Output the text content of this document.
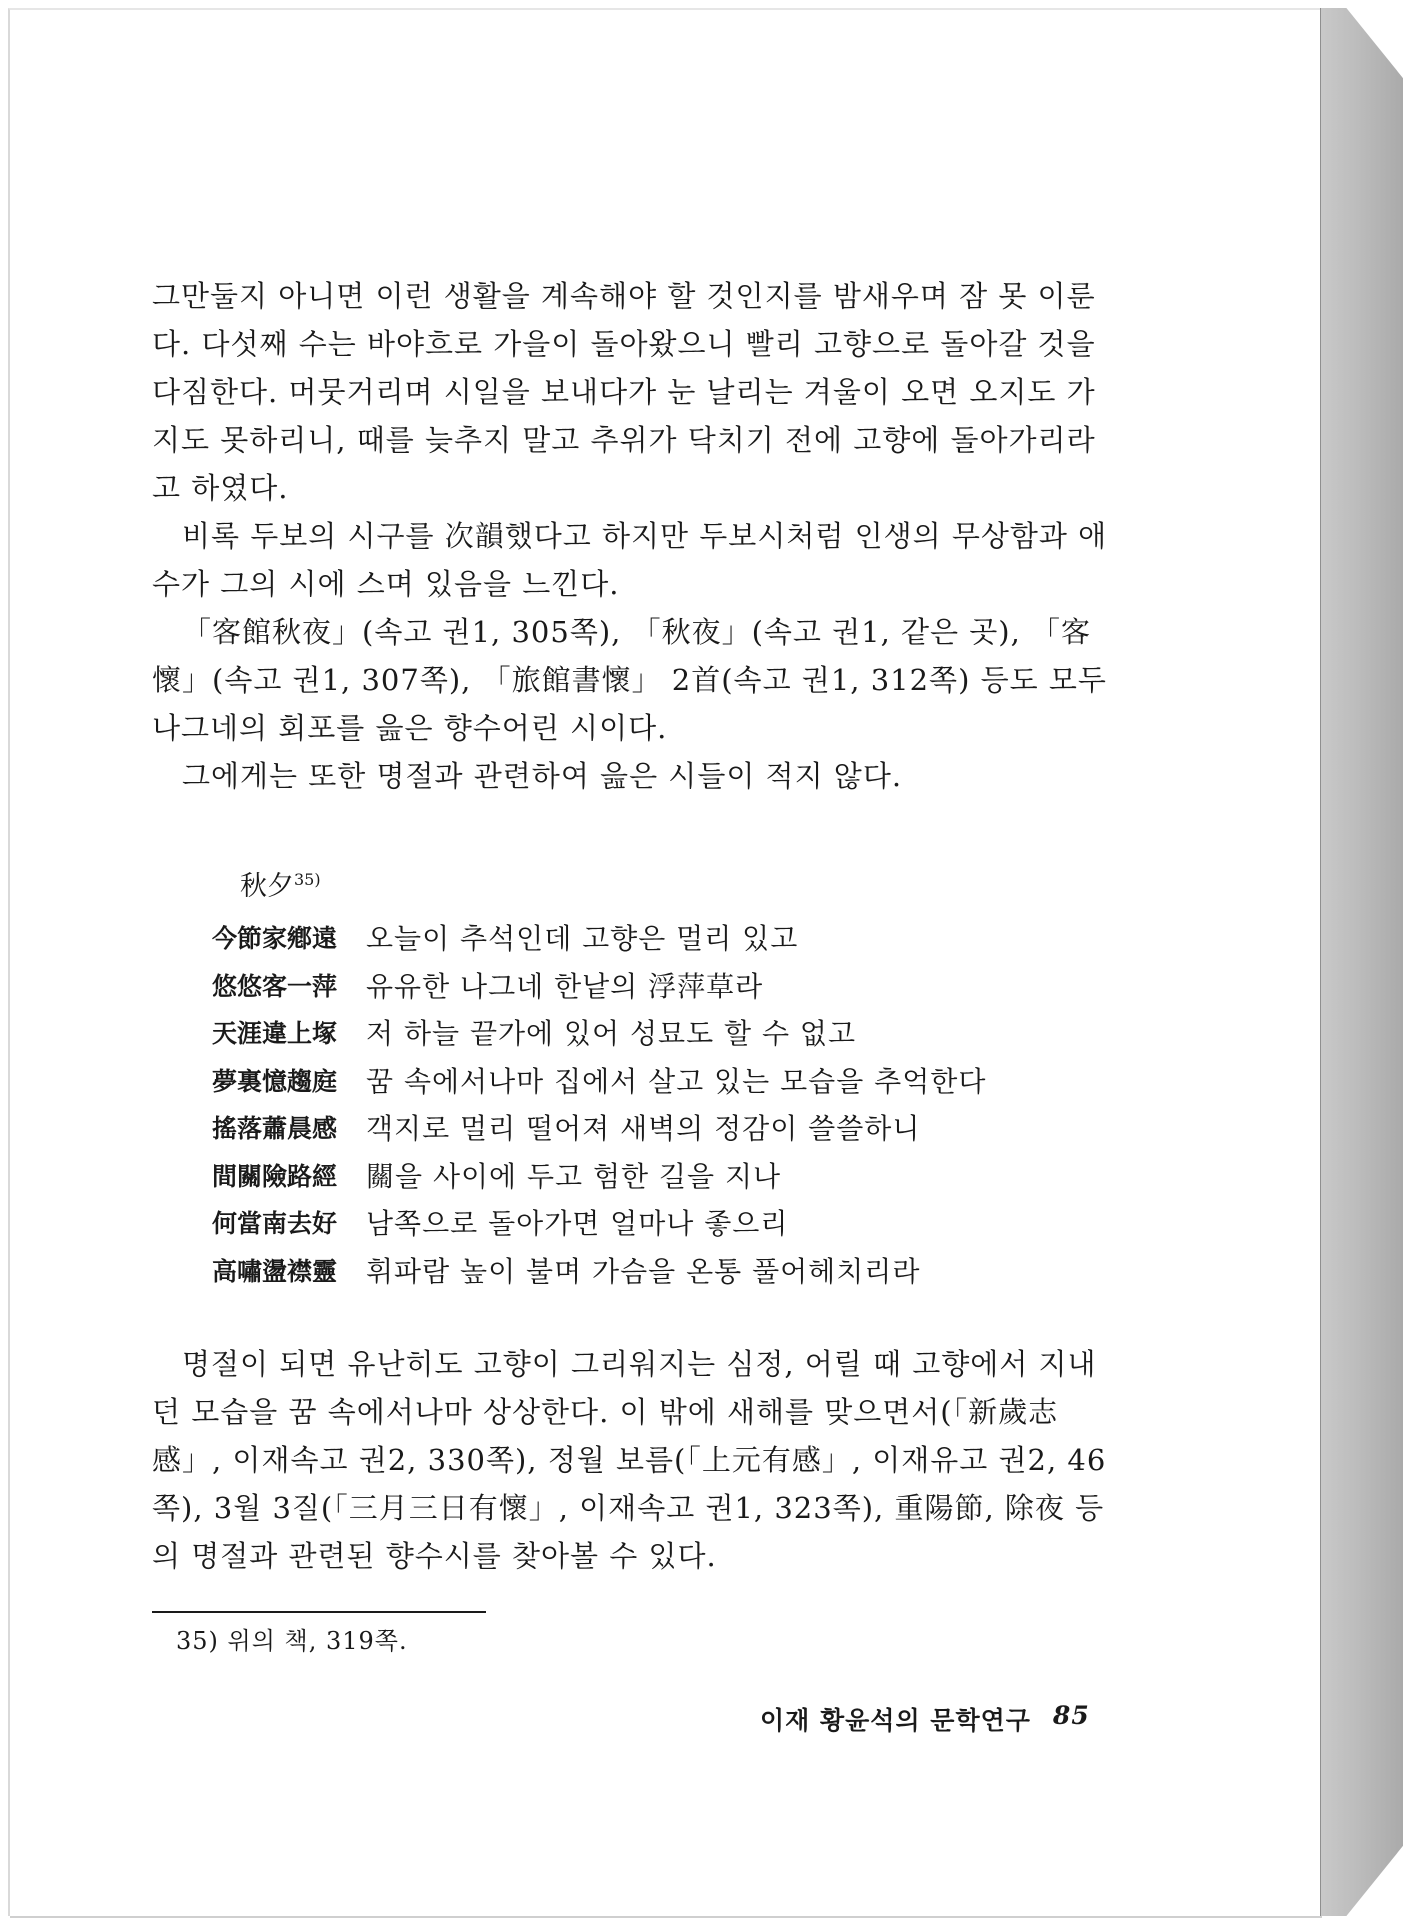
그만둘지 아니면 이런 생활을 계속해야 할 것인지를 밤새우며 잠 못 이룬다. 다섯째 수는 바야흐로 가을이 돌아왔으니 빨리 고향으로 돌아갈 것을 다짐한다. 머뭇거리며 시일을 보내다가 눈 날리는 겨울이 오면 오지도 가지도 못하리니, 때를 늦추지 말고 추위가 닥치기 전에 고향에 돌아가리라고 하였다.

비록 두보의 시구를 次韻했다고 하지만 두보시처럼 인생의 무상함과 애수가 그의 시에 스며 있음을 느낀다.

「客館秋夜」(속고 권1, 305쪽), 「秋夜」(속고 권1, 같은 곳), 「客懷」(속고 권1, 307쪽), 「旅館書懷」 2首(속고 권1, 312쪽) 등도 모두 나그네의 회포를 읊은 향수어린 시이다.

그에게는 또한 명절과 관련하여 읊은 시들이 적지 않다.

秋夕$^{35)}$

今節家鄕遠	오늘이 추석인데 고향은 멀리 있고
悠悠客一萍	유유한 나그네 한낱의 浮萍草라
天涯違上塚	저 하늘 끝가에 있어 성묘도 할 수 없고
夢裏憶趨庭	꿈 속에서나마 집에서 살고 있는 모습을 추억한다
搖落蕭晨感	객지로 멀리 떨어져 새벽의 정감이 쓸쓸하니
間關險路經	關을 사이에 두고 험한 길을 지나
何當南去好	남쪽으로 돌아가면 얼마나 좋으리
高嘯盪襟靈	휘파람 높이 불며 가슴을 온통 풀어헤치리라

명절이 되면 유난히도 고향이 그리워지는 심정, 어릴 때 고향에서 지내던 모습을 꿈 속에서나마 상상한다. 이 밖에 새해를 맞으면서(「新歲志感」, 이재속고 권2, 330쪽), 정월 보름(「上元有感」, 이재유고 권2, 46쪽), 3월 3질(「三月三日有懷」, 이재속고 권1, 323쪽), 重陽節, 除夜 등의 명절과 관련된 향수시를 찾아볼 수 있다.

35) 위의 책, 319쪽.
이재 황윤석의 문학연구 85
